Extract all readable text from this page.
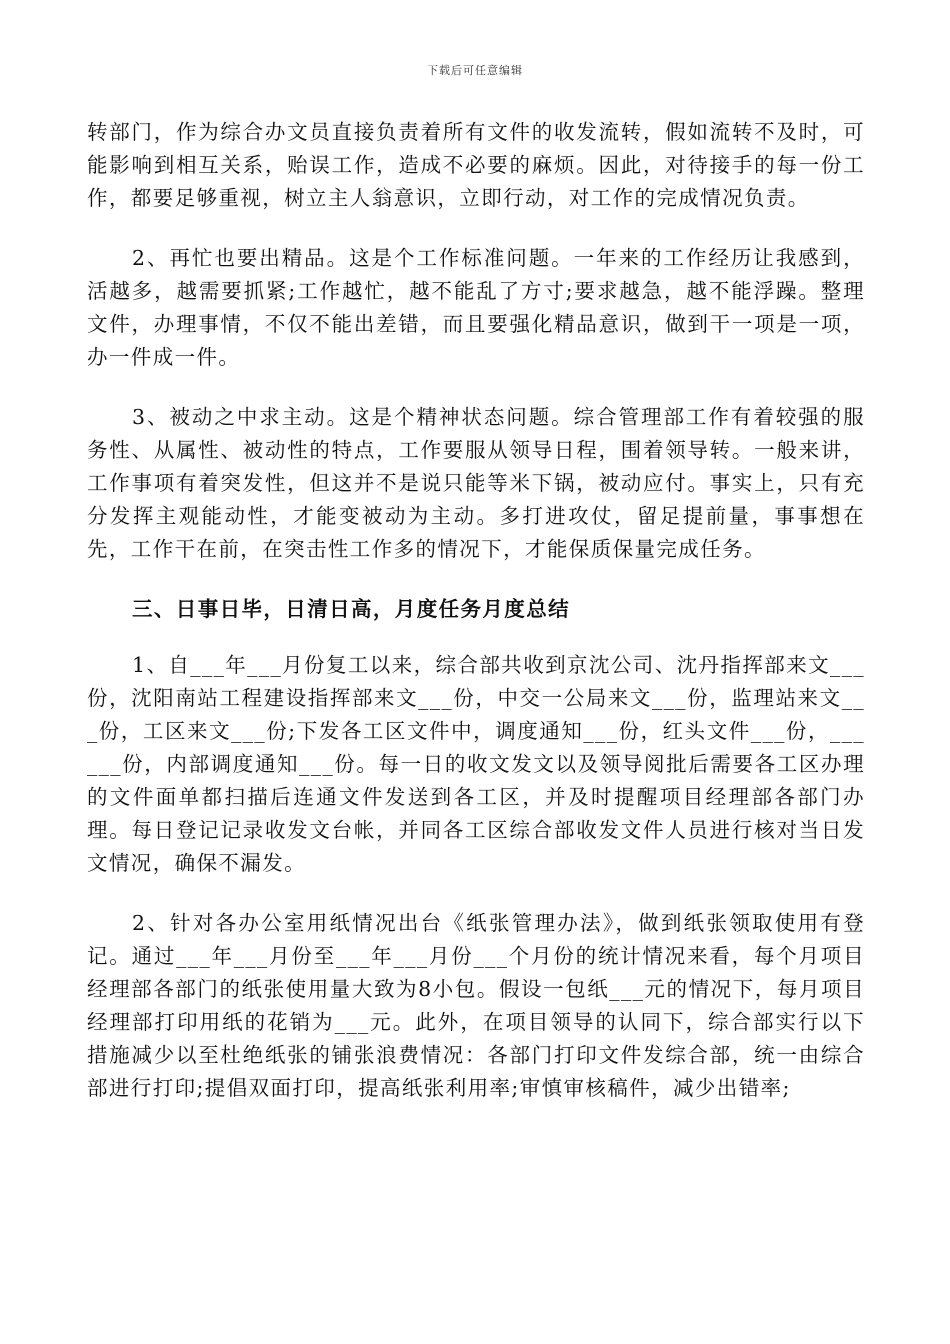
下载后可任意编辑

转部门，作为综合办文员直接负责着所有文件的收发流转，假如流转不及时，可能影响到相互关系，贻误工作，造成不必要的麻烦。因此，对待接手的每一份工作，都要足够重视，树立主人翁意识，立即行动，对工作的完成情况负责。

2、再忙也要出精品。这是个工作标准问题。一年来的工作经历让我感到，活越多，越需要抓紧;工作越忙，越不能乱了方寸;要求越急，越不能浮躁。整理文件，办理事情，不仅不能出差错，而且要强化精品意识，做到干一项是一项，办一件成一件。

3、被动之中求主动。这是个精神状态问题。综合管理部工作有着较强的服务性、从属性、被动性的特点，工作要服从领导日程，围着领导转。一般来讲，工作事项有着突发性，但这并不是说只能等米下锅，被动应付。事实上，只有充分发挥主观能动性，才能变被动为主动。多打进攻仗，留足提前量，事事想在先，工作干在前，在突击性工作多的情况下，才能保质保量完成任务。

三、日事日毕，日清日高，月度任务月度总结

1、自___年___月份复工以来，综合部共收到京沈公司、沈丹指挥部来文___份，沈阳南站工程建设指挥部来文___份，中交一公局来文___份，监理站来文___份，工区来文___份;下发各工区文件中，调度通知___份，红头文件___份，______份，内部调度通知___份。每一日的收文发文以及领导阅批后需要各工区办理的文件面单都扫描后连通文件发送到各工区，并及时提醒项目经理部各部门办理。每日登记记录收发文台帐，并同各工区综合部收发文件人员进行核对当日发文情况，确保不漏发。

2、针对各办公室用纸情况出台《纸张管理办法》，做到纸张领取使用有登记。通过___年___月份至___年___月份___个月份的统计情况来看，每个月项目经理部各部门的纸张使用量大致为8小包。假设一包纸___元的情况下，每月项目经理部打印用纸的花销为___元。此外，在项目领导的认同下，综合部实行以下措施减少以至杜绝纸张的铺张浪费情况：各部门打印文件发综合部，统一由综合部进行打印;提倡双面打印，提高纸张利用率;审慎审核稿件，减少出错率;
